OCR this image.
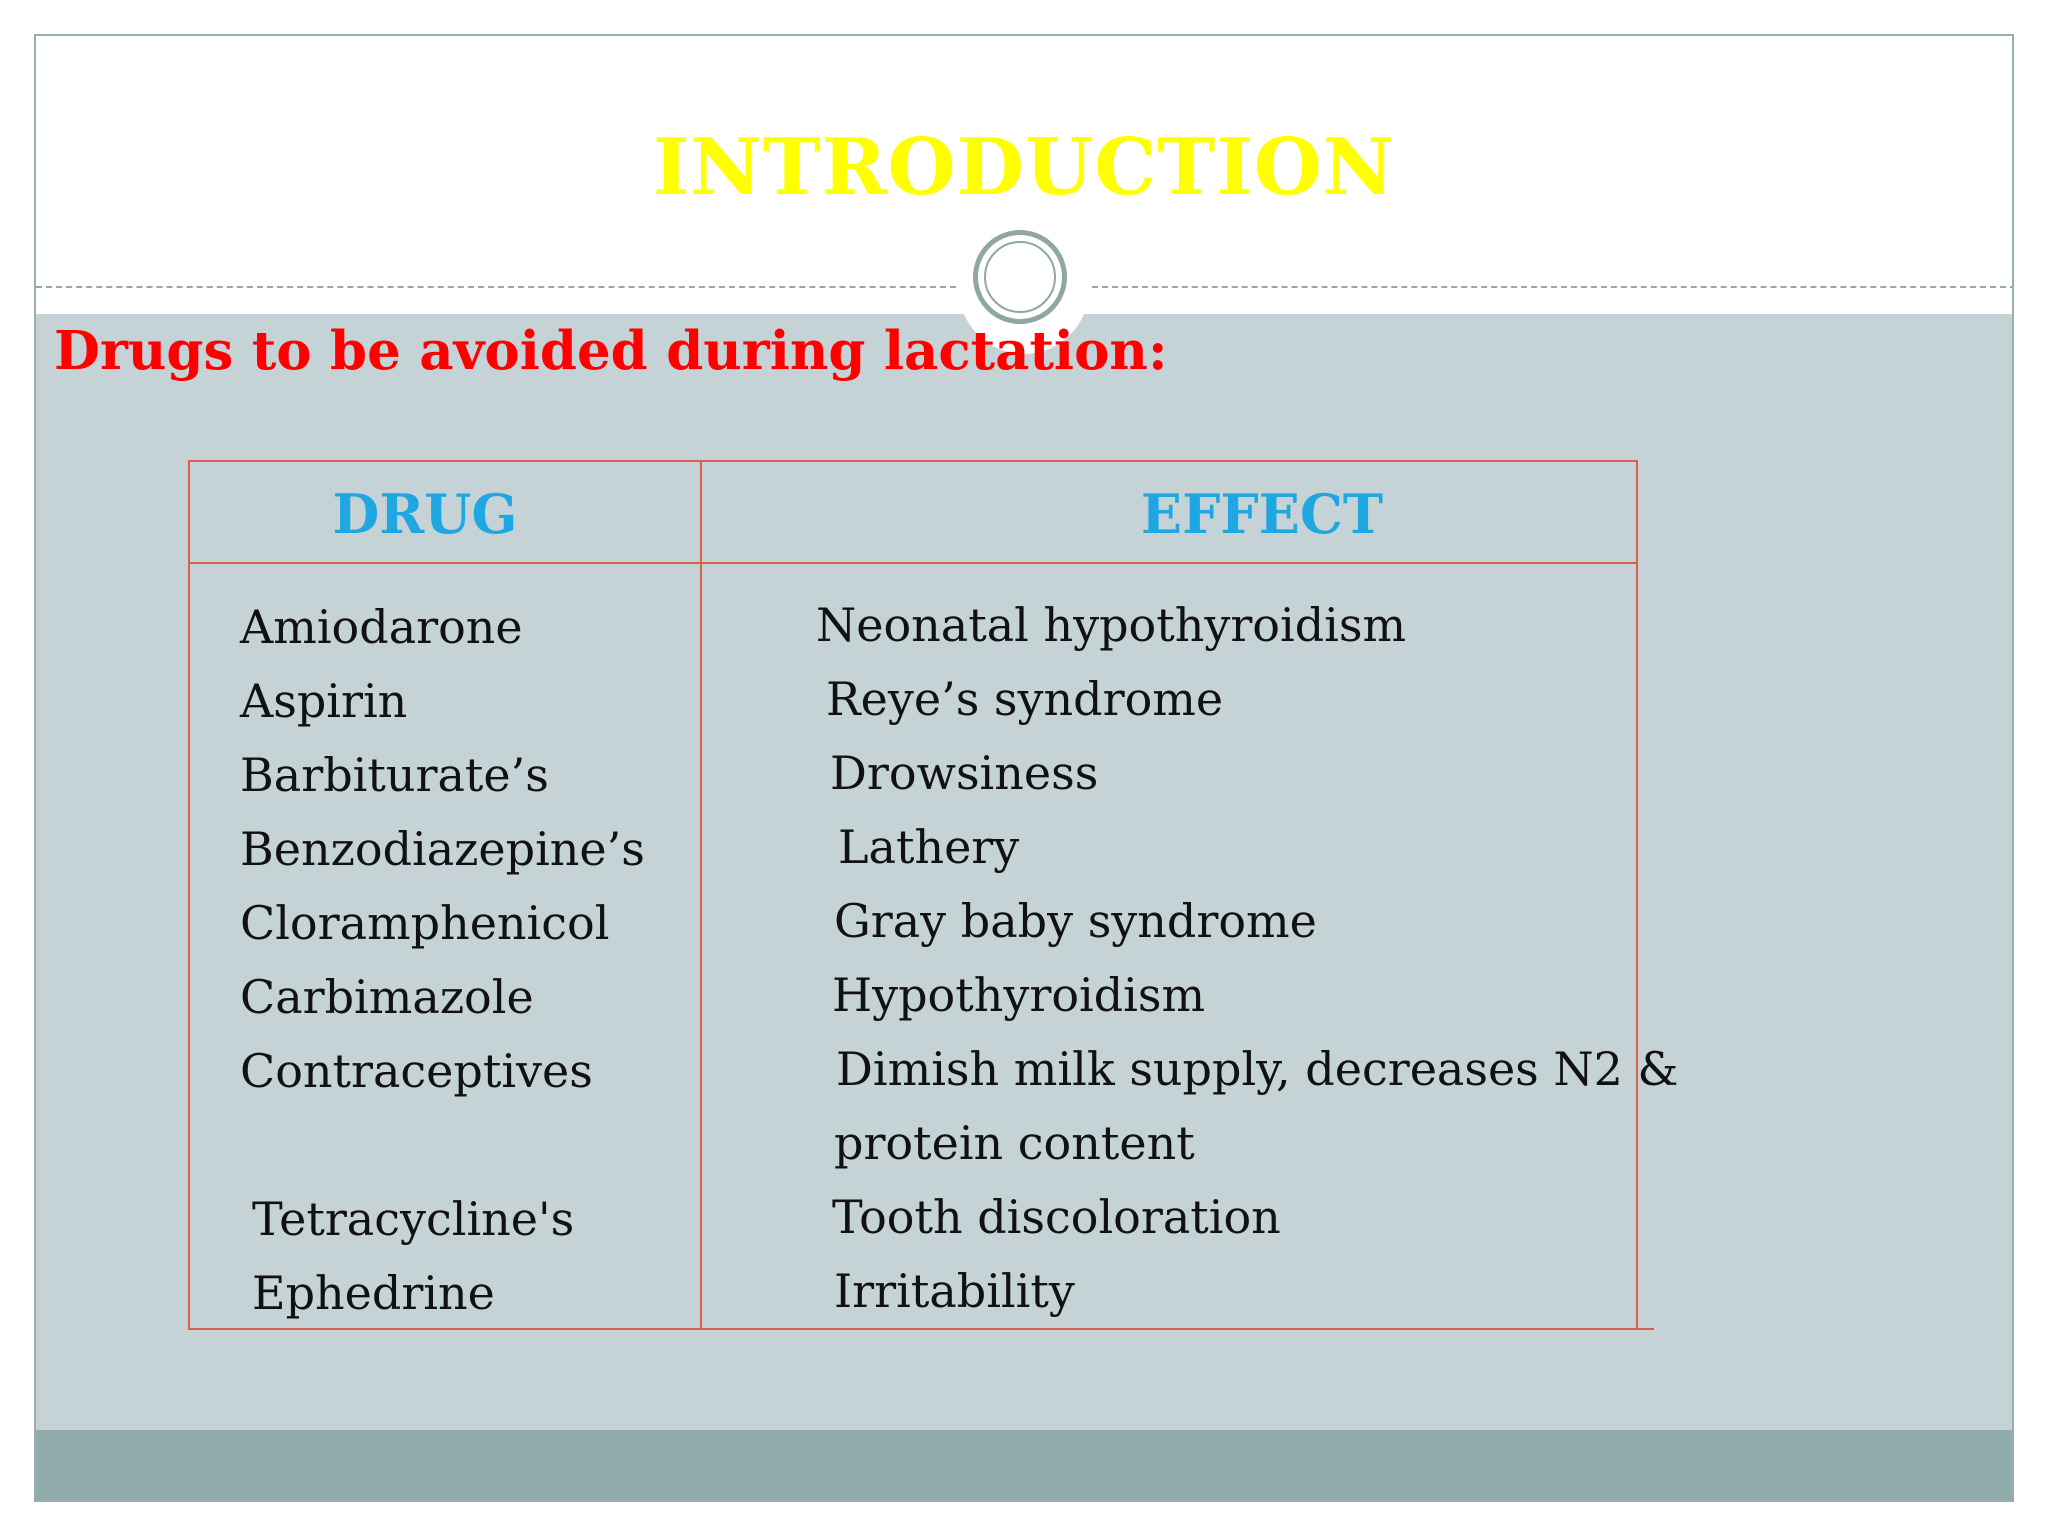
INTRODUCTION
Drugs to be avoided during lactation:
DRUG	EFFECT
Amiodarone
Aspirin
Barbiturate’s
Benzodiazepine’s
Cloramphenicol
Carbimazole
Contraceptives
Tetracycline's
Ephedrine
Neonatal hypothyroidism
Reye’s syndrome
Drowsiness
Lathery
Gray baby syndrome
Hypothyroidism
Dimish milk supply, decreases N2 &
protein content
Tooth discoloration
Irritability
